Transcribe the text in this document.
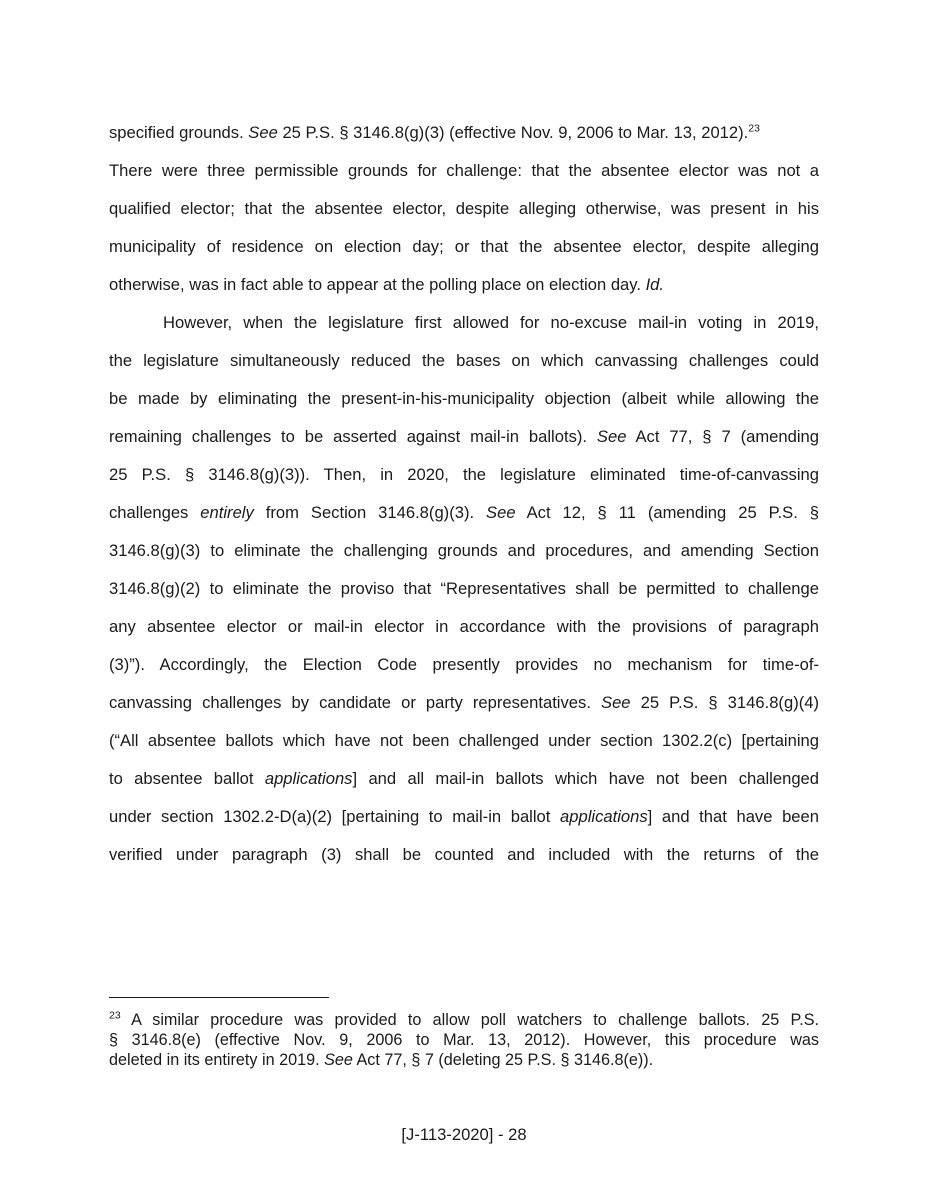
specified grounds. See 25 P.S. § 3146.8(g)(3) (effective Nov. 9, 2006 to Mar. 13, 2012).$^{23}$
There were three permissible grounds for challenge: that the absentee elector was not a
qualified elector; that the absentee elector, despite alleging otherwise, was present in his
municipality of residence on election day; or that the absentee elector, despite alleging
otherwise, was in fact able to appear at the polling place on election day. Id.
However, when the legislature first allowed for no-excuse mail-in voting in 2019,
the legislature simultaneously reduced the bases on which canvassing challenges could
be made by eliminating the present-in-his-municipality objection (albeit while allowing the
remaining challenges to be asserted against mail-in ballots). See Act 77, § 7 (amending
25 P.S. § 3146.8(g)(3)). Then, in 2020, the legislature eliminated time-of-canvassing
challenges entirely from Section 3146.8(g)(3). See Act 12, § 11 (amending 25 P.S. §
3146.8(g)(3) to eliminate the challenging grounds and procedures, and amending Section
3146.8(g)(2) to eliminate the proviso that “Representatives shall be permitted to challenge
any absentee elector or mail-in elector in accordance with the provisions of paragraph
(3)”). Accordingly, the Election Code presently provides no mechanism for time-of-
canvassing challenges by candidate or party representatives. See 25 P.S. § 3146.8(g)(4)
(“All absentee ballots which have not been challenged under section 1302.2(c) [pertaining
to absentee ballot applications] and all mail-in ballots which have not been challenged
under section 1302.2-D(a)(2) [pertaining to mail-in ballot applications] and that have been
verified under paragraph (3) shall be counted and included with the returns of the
$^{23}$ A similar procedure was provided to allow poll watchers to challenge ballots. 25 P.S.
§ 3146.8(e) (effective Nov. 9, 2006 to Mar. 13, 2012). However, this procedure was
deleted in its entirety in 2019. See Act 77, § 7 (deleting 25 P.S. § 3146.8(e)).
[J-113-2020] - 28
